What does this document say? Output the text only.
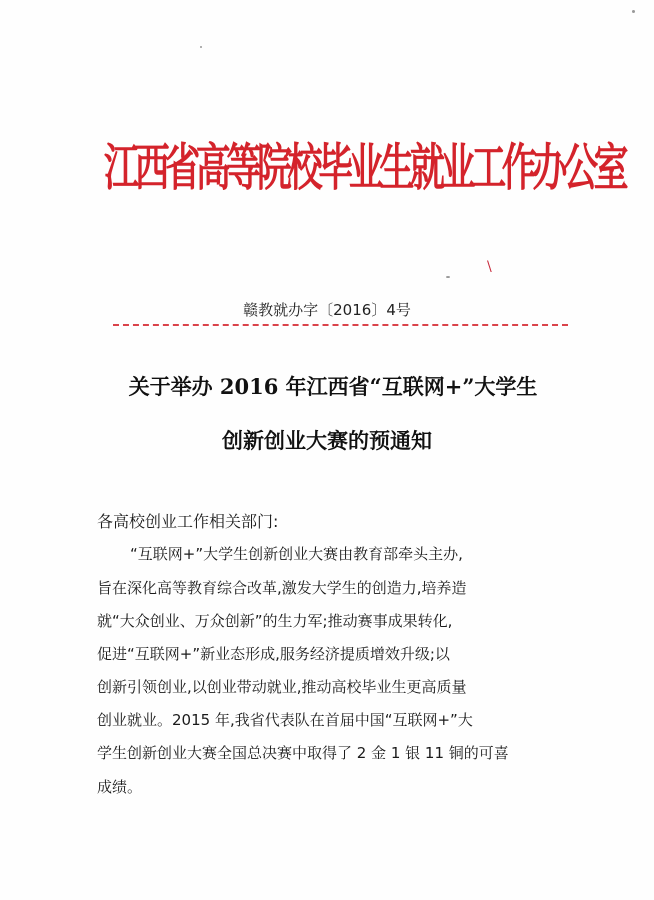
江西省高等院校毕业生就业工作办公室
\
赣教就办字〔2016〕4号
关于举办 2016 年江西省“互联网+”大学生
创新创业大赛的预通知
各高校创业工作相关部门:
“互联网+”大学生创新创业大赛由教育部牵头主办,
旨在深化高等教育综合改革,激发大学生的创造力,培养造
就“大众创业、万众创新”的生力军;推动赛事成果转化,
促进“互联网+”新业态形成,服务经济提质增效升级;以
创新引领创业,以创业带动就业,推动高校毕业生更高质量
创业就业。2015 年,我省代表队在首届中国“互联网+”大
学生创新创业大赛全国总决赛中取得了 2 金 1 银 11 铜的可喜
成绩。
